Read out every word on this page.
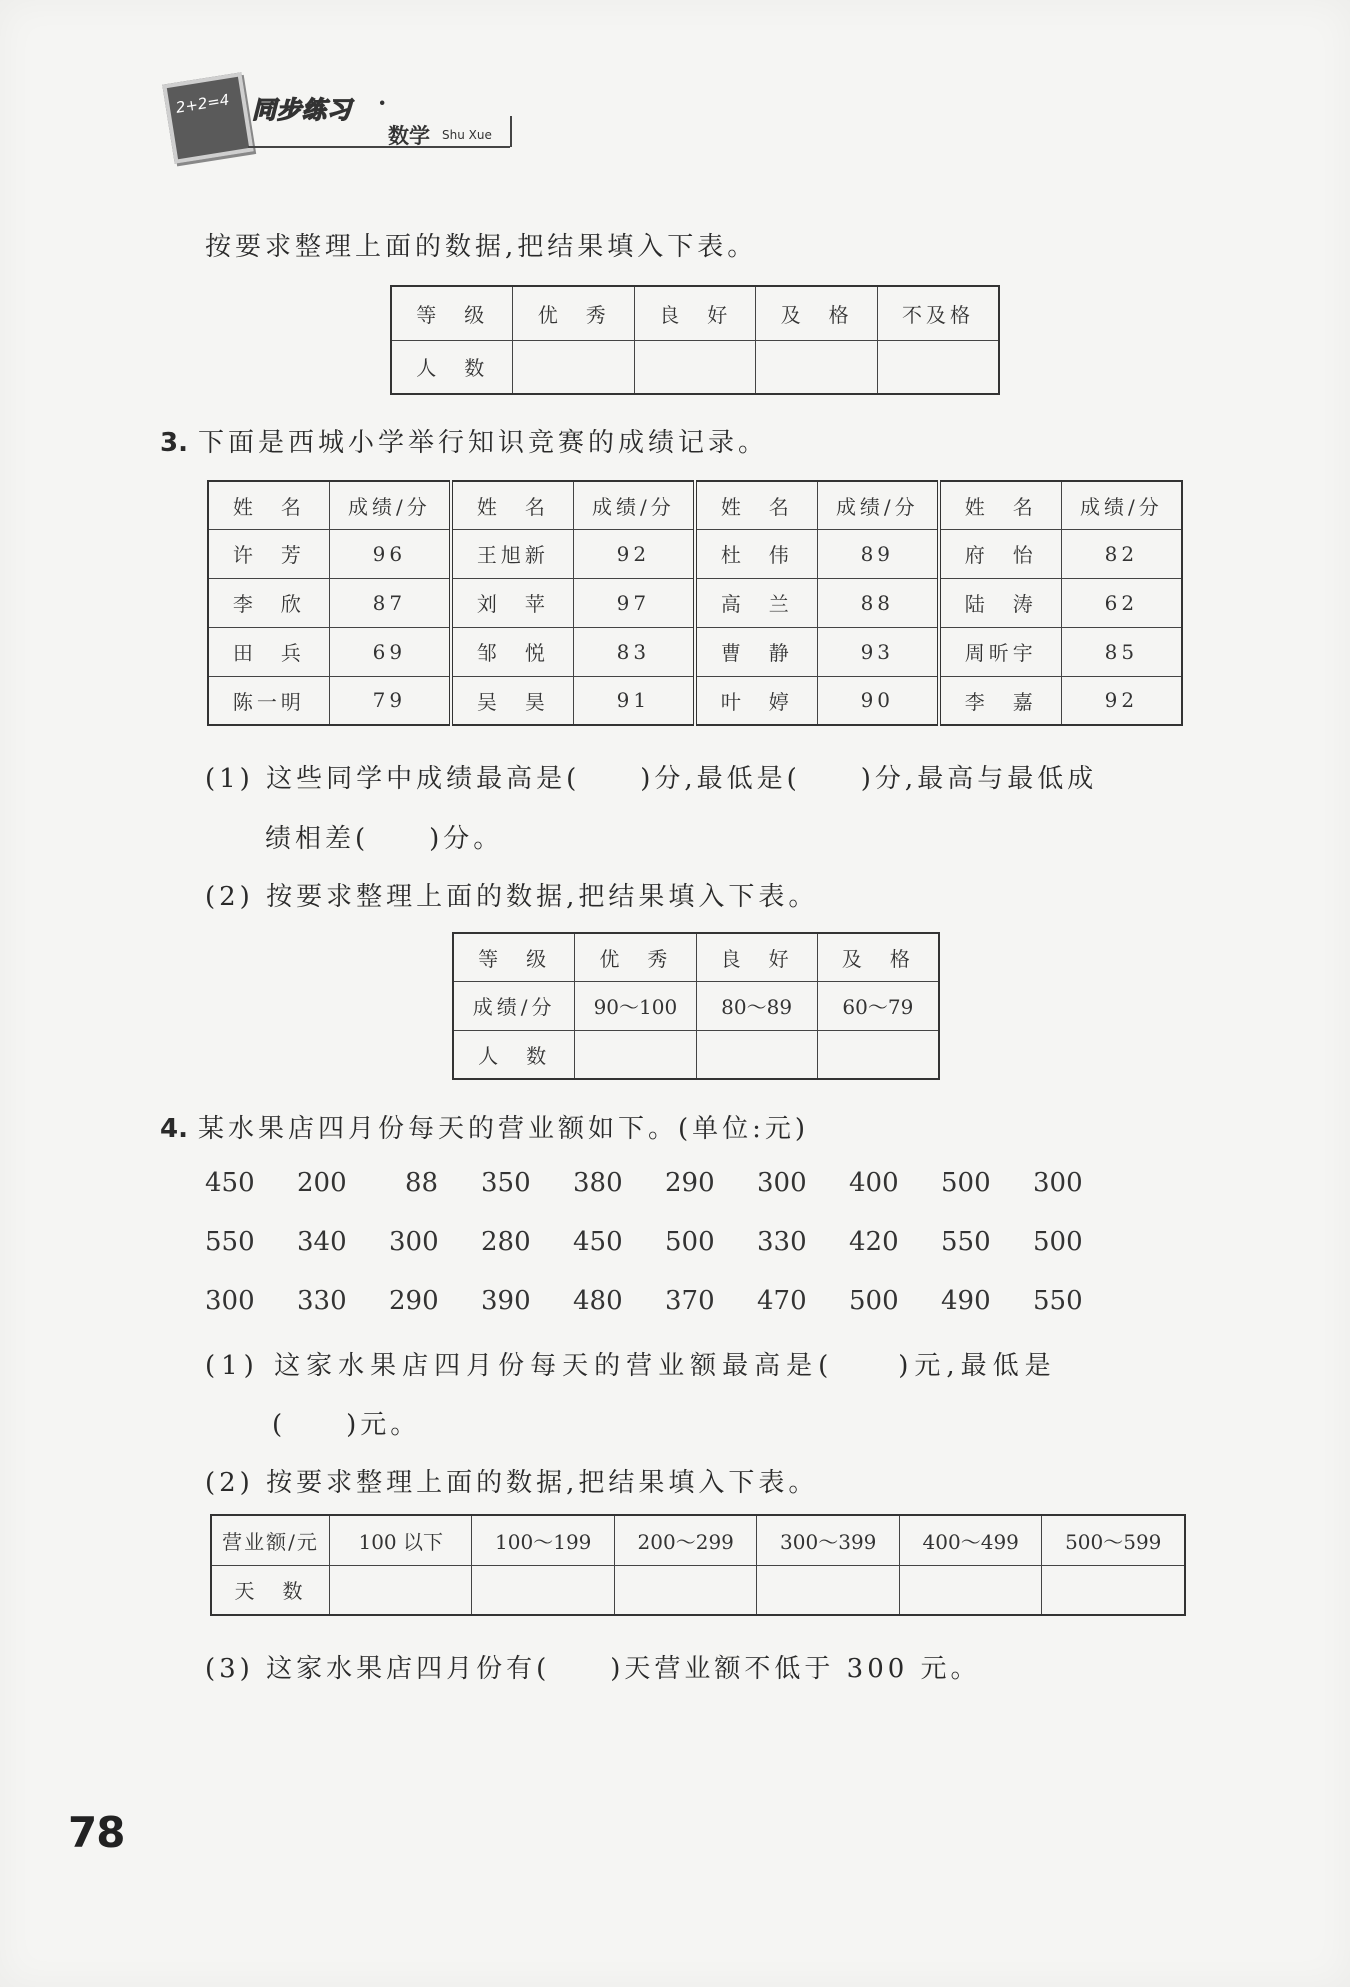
2+2=4 同步练习 ·
数学 Shu Xue
按要求整理上面的数据,把结果填入下表。
等　级	优　秀	良　好	及　格	不及格
人　数				
3. 下面是西城小学举行知识竞赛的成绩记录。
姓　名	成绩/分	姓　名	成绩/分	姓　名	成绩/分	姓　名	成绩/分
许　芳	96	王旭新	92	杜　伟	89	府　怡	82
李　欣	87	刘　苹	97	高　兰	88	陆　涛	62
田　兵	69	邹　悦	83	曹　静	93	周昕宇	85
陈一明	79	吴　昊	91	叶　婷	90	李　嘉	92
(1) 这些同学中成绩最高是(　　)分,最低是(　　)分,最高与最低成
绩相差(　　)分。
(2) 按要求整理上面的数据,把结果填入下表。
等　级	优　秀	良　好	及　格
成绩/分	90～100	80～89	60～79
人　数			
4. 某水果店四月份每天的营业额如下。(单位:元)
450 200 88 350 380 290 300 400 500 300
550 340 300 280 450 500 330 420 550 500
300 330 290 390 480 370 470 500 490 550
(1) 这家水果店四月份每天的营业额最高是(　　)元,最低是
(　　)元。
(2) 按要求整理上面的数据,把结果填入下表。
营业额/元	100 以下	100～199	200～299	300～399	400～499	500～599
天　数						
(3) 这家水果店四月份有(　　)天营业额不低于 300 元。
78
